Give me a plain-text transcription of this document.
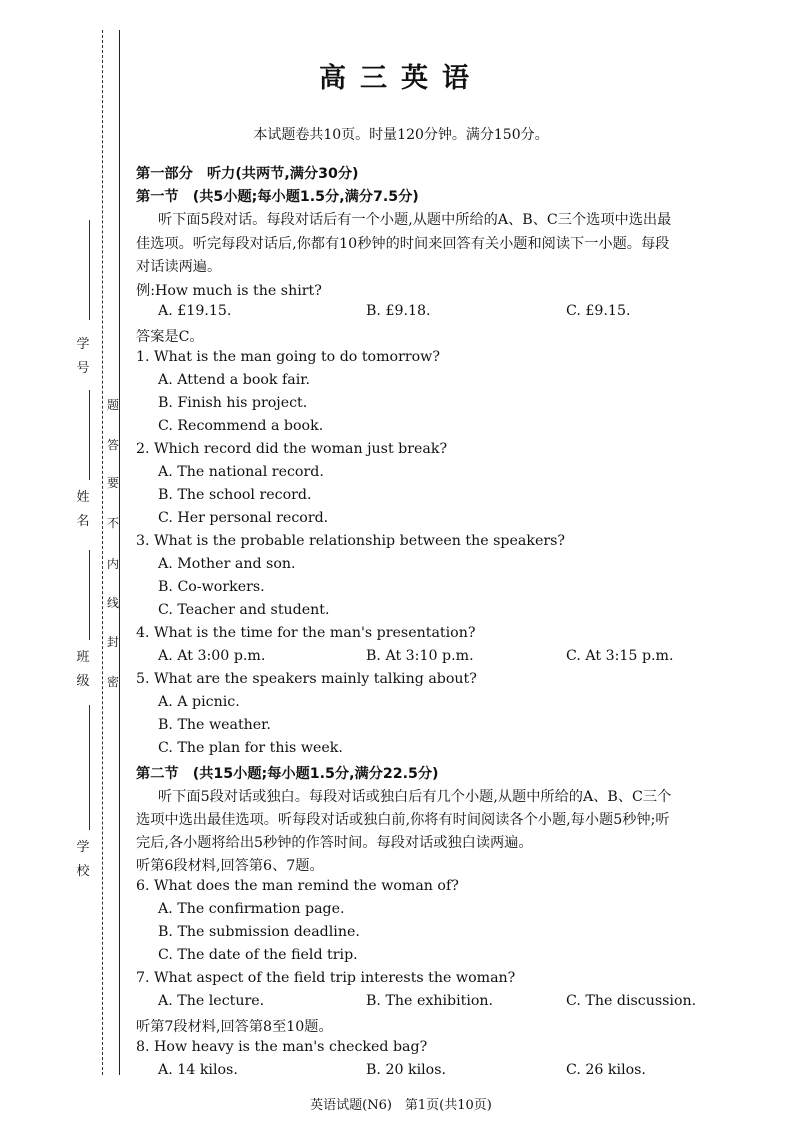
学
号
姓
名
班
级
学
校
题
答
要
不
内
线
封
密
高三英语
本试题卷共10页。时量120分钟。满分150分。
第一部分　听力(共两节,满分30分)
第一节　(共5小题;每小题1.5分,满分7.5分)
听下面5段对话。每段对话后有一个小题,从题中所给的A、B、C三个选项中选出最
佳选项。听完每段对话后,你都有10秒钟的时间来回答有关小题和阅读下一小题。每段
对话读两遍。
例:How much is the shirt?
A. £19.15.	B. £9.18.	C. £9.15.
答案是C。
1. What is the man going to do tomorrow?
A. Attend a book fair.
B. Finish his project.
C. Recommend a book.
2. Which record did the woman just break?
A. The national record.
B. The school record.
C. Her personal record.
3. What is the probable relationship between the speakers?
A. Mother and son.
B. Co-workers.
C. Teacher and student.
4. What is the time for the man's presentation?
A. At 3:00 p.m.	B. At 3:10 p.m.	C. At 3:15 p.m.
5. What are the speakers mainly talking about?
A. A picnic.
B. The weather.
C. The plan for this week.
第二节　(共15小题;每小题1.5分,满分22.5分)
听下面5段对话或独白。每段对话或独白后有几个小题,从题中所给的A、B、C三个
选项中选出最佳选项。听每段对话或独白前,你将有时间阅读各个小题,每小题5秒钟;听
完后,各小题将给出5秒钟的作答时间。每段对话或独白读两遍。
听第6段材料,回答第6、7题。
6. What does the man remind the woman of?
A. The confirmation page.
B. The submission deadline.
C. The date of the field trip.
7. What aspect of the field trip interests the woman?
A. The lecture.	B. The exhibition.	C. The discussion.
听第7段材料,回答第8至10题。
8. How heavy is the man's checked bag?
A. 14 kilos.	B. 20 kilos.	C. 26 kilos.
英语试题(N6)　第1页(共10页)
